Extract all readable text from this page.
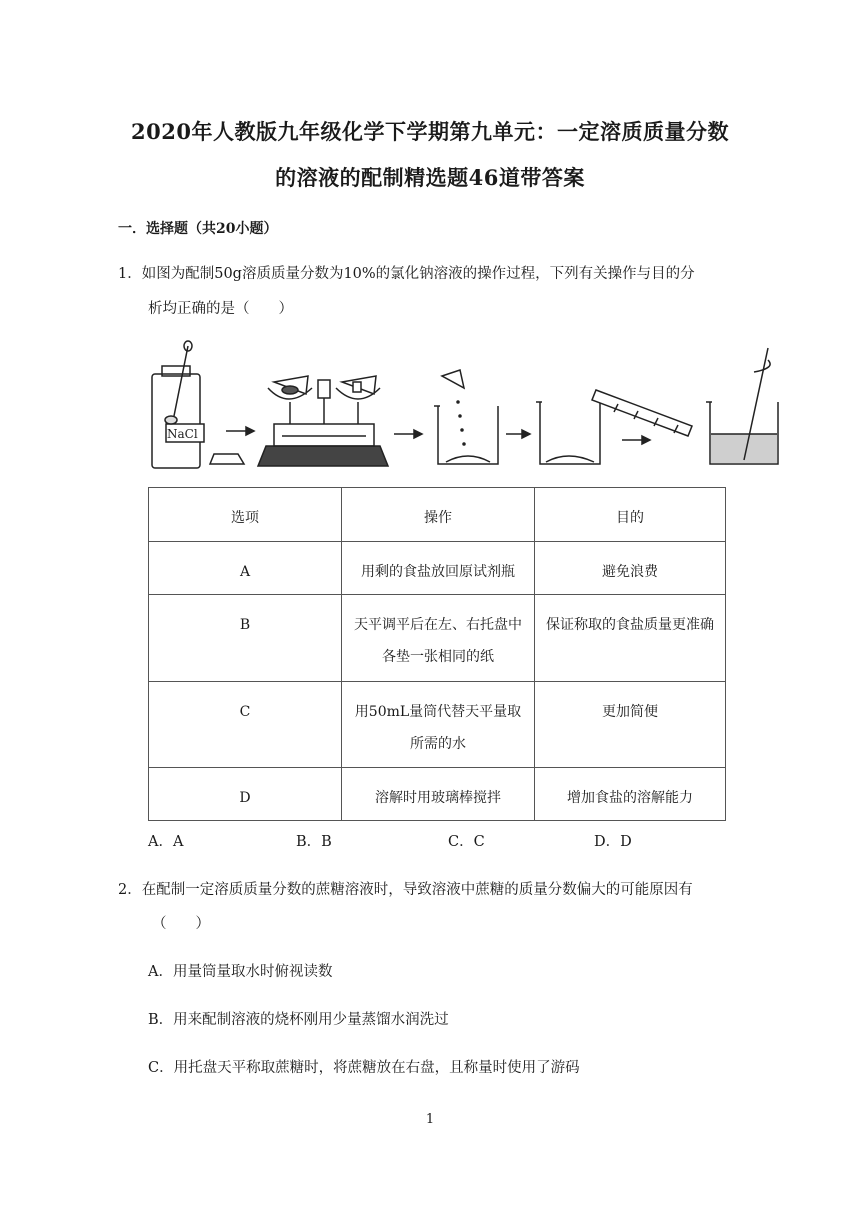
2020年人教版九年级化学下学期第九单元：一定溶质质量分数
的溶液的配制精选题46道带答案
一．选择题（共20小题）
1．如图为配制50g溶质质量分数为10%的氯化钠溶液的操作过程，下列有关操作与目的分
析均正确的是（　　）
NaCl
选项	操作	目的
A	用剩的食盐放回原试剂瓶	避免浪费
B	天平调平后在左、右托盘中各垫一张相同的纸	保证称取的食盐质量更准确
C	用50mL量筒代替天平量取所需的水	更加简便
D	溶解时用玻璃棒搅拌	增加食盐的溶解能力
A．A	B．B	C．C	D．D
2．在配制一定溶质质量分数的蔗糖溶液时，导致溶液中蔗糖的质量分数偏大的可能原因有
（　　）
A．用量筒量取水时俯视读数
B．用来配制溶液的烧杯刚用少量蒸馏水润洗过
C．用托盘天平称取蔗糖时，将蔗糖放在右盘，且称量时使用了游码
1
